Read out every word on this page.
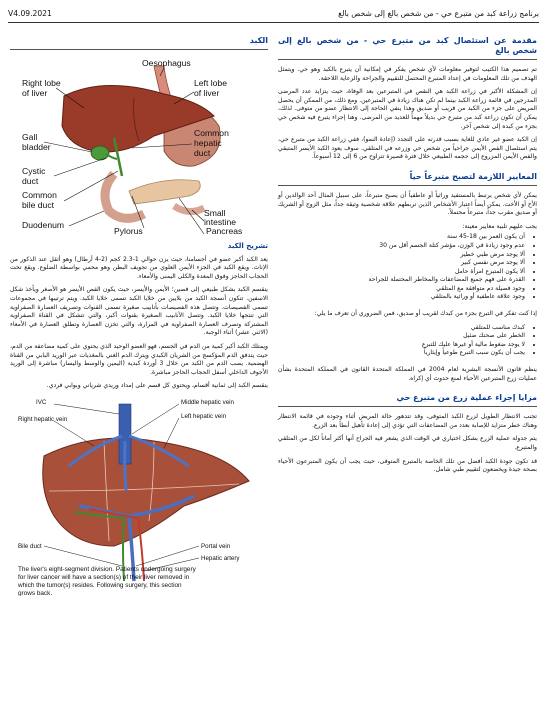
برنامج زراعة كبد من متبرع حي - من شخص بالغ إلى شخص بالغ
V4.09.2021
مقدمة عن استئصال كبد من متبرع حي - من شخص بالغ إلى شخص بالغ

تم تصميم هذا الكتيب لتوفير معلومات لأي شخص يفكر في إمكانية أن يتبرع بالكبد وهو حي. ويتمثل الهدف من تلك المعلومات في إعداد المتبرع المحتمل للتقييم والجراحة والرعاية اللاحقة.

إن المشكلة الأكبر في زراعة الكبد هي النقص في المتبرعين بعد الوفاة، حيث يتزايد عدد المرضى المدرجين في قائمة زراعة الكبد بينما لم تكن هناك زيادة في المتبرعين. ومع ذلك، من الممكن أن يحصل المريض على جزء من الكبد من قريب أو صديق وهذا ينفي الحاجة إلى الانتظار عضو من متوفى. لذلك، يمكن أن تكون زراعة كبد من متبرع حي بديلاً مهماً للعديد من المرضى. وهنا إجراء يتبرع فيه شخص حي بجزء من كبده إلى شخص آخر.

إن الكبد عضو غير عادي للغاية بسبب قدرته على التجدد (إعادة النمو)، ففي زراعة الكبد من متبرع حي، يتم استئصال الفص الأيمن جراحياً من شخص حي وزرعه في المتلقي. سوف يعود الكبد الأيسر المتبقي والفص الأيمن المزروع إلى حجمه الطبيعي خلال فترة قصيرة تتراوح من 6 إلى 12 أسبوعاً.

المعايير اللازمة لتصبح متبرعاً حياً

يمكن لأي شخص يرتبط بالمستفيد وراثياً أو عاطفياً أن يصبح متبرعاً، على سبيل المثال أحد الوالدين أو الأخ أو الأخت. يمكن أيضاً اعتبار الأشخاص الذين تربطهم علاقة شخصية وثيقة جداً، مثل الزوج أو الشريك أو صديق مقرب جداً، متبرعاً محتملاً.

يجب عليهم تلبية معايير معينة:

• أن يكون العمر بين 18-45 سنة
• عدم وجود زيادة في الوزن، مؤشر كتلة الجسم أقل من 30
• ألا يوجد مرض طبي خطير
• ألا يوجد مرض نفسي كبير
• ألا يكون المتبرع امرأة حامل
• القدرة على فهم جميع المضاعفات والمخاطر المحتملة للجراحة
• وجود فصيلة دم متوافقة مع المتلقي
• وجود علاقة عاطفية أو وراثية بالمتلقي

إذا كنت تفكر في التبرع بجزء من كبدك لقريب أو صديق، فمن الضروري أن تعرف ما يلي:

• كبدك مناسب للمتلقي
• الخطر على صحتك ضئيل
• لا يوجد ضغوط مالية أو غيرها عليك للتبرع
• يجب أن يكون سبب التبرع طوعياً وإيثارياً

ينظم قانون الأنسجة البشرية لعام 2004 في المملكة المتحدة القانون في المملكة المتحدة بشأن عمليات زرع المتبرعين الأحياء لمنع حدوث أي إكراه.

مزايا إجراء عملية زرع من متبرع حي

تجنب الانتظار الطويل لزرع الكبد المتوفى، وقد تتدهور حالة المريض أثناء وجوده في قائمة الانتظار وهناك خطر متزايد للإصابة بعدد من المضاعفات التي تؤدي إلى إعادة تأهيل أبطأ بعد الزرع.

يتم جدولة عملية الزرع بشكل اختياري في الوقت الذي يشعر فيه الجراح أنها أكثر أماناً لكل من المتلقي والمتبرع.

قد تكون جودة الكبد أفضل من تلك الخاصة بالمتبرع المتوفى، حيث يجب أن يكون المتبرعون الأحياء بصحة جيدة ويخضعون لتقييم طبي شامل.

الكبد
Oesophagus
Right lobe
of liver
Left lobe
of liver
Gall
bladder
Common
hepatic
duct
Cystic
duct
Common
bile duct
Duodenum
Pylorus
Small
intestine
Pancreas
تشريح الكبد

يعد الكبد أكبر عضو في أجسامنا، حيث يزن حوالي 1-2.3 كجم (2-4 أرطال) وهو أثقل عند الذكور من الإناث. ويقع الكبد في الجزء الأيمن العلوي من تجويف البطن وهو محمي بواسطة الضلوع. ويقع تحت الحجاب الحاجز وفوق المعدة والكلى اليمنى والأمعاء.

ينقسم الكبد بشكل طبيعي إلى فصين؛ الأيمن والأيسر، حيث يكون الفص الأيسر هو الأصغر ويأخذ شكل الاسفين. تتكون أنسجة الكبد من بلايين من خلايا الكبد تسمى خلايا الكبد. ويتم ترتيبها في مجموعات تسمى الفصيصات. وتتصل هذه الفصيصات بأنابيب صغيرة تسمى القنوات وتصريف العصارة الصفراوية التي تنتجها خلايا الكبد. وتتصل الأنابيب الصغيرة بقنوات أكبر، والتي تتشكل في القناة الصفراوية المشتركة وتصرف العصارة الصفراوية في المرارة، والتي تخزن العصارة وتطلق العصارة في الأمعاء (الاثني عشر) أثناء الوجبة.

ويمتلك الكبد أكبر كمية من الدم في الجسم، فهو العضو الوحيد الذي يحتوي على كمية مضاعفة من الدم، حيث يتدفق الدم المؤكسج من الشريان الكبدي ويترك الدم الغني بالمغذيات عبر الوريد البابي من القناة الهضمية. يصب الدم من الكبد من خلال 3 أوردة كبدية (اليمين والوسط واليسار) مباشرة إلى الوريد الأجوف الداخلي أسفل الحجاب الحاجز مباشرة.

ينقسم الكبد إلى ثمانية أقسام، ويحتوي كل قسم على إمداد وريدي شرياني وبوابي فردي.

IVC
Right hepatic vein
Middle hepatic vein
Left hepatic vein
Bile duct	Portal vein
Hepatic artery
The liver's eight-segment division. Patients undergoing surgery
for liver cancer will have a section(s) of their liver removed in
which the tumor(s) resides. Following surgery, this section
grows back.
